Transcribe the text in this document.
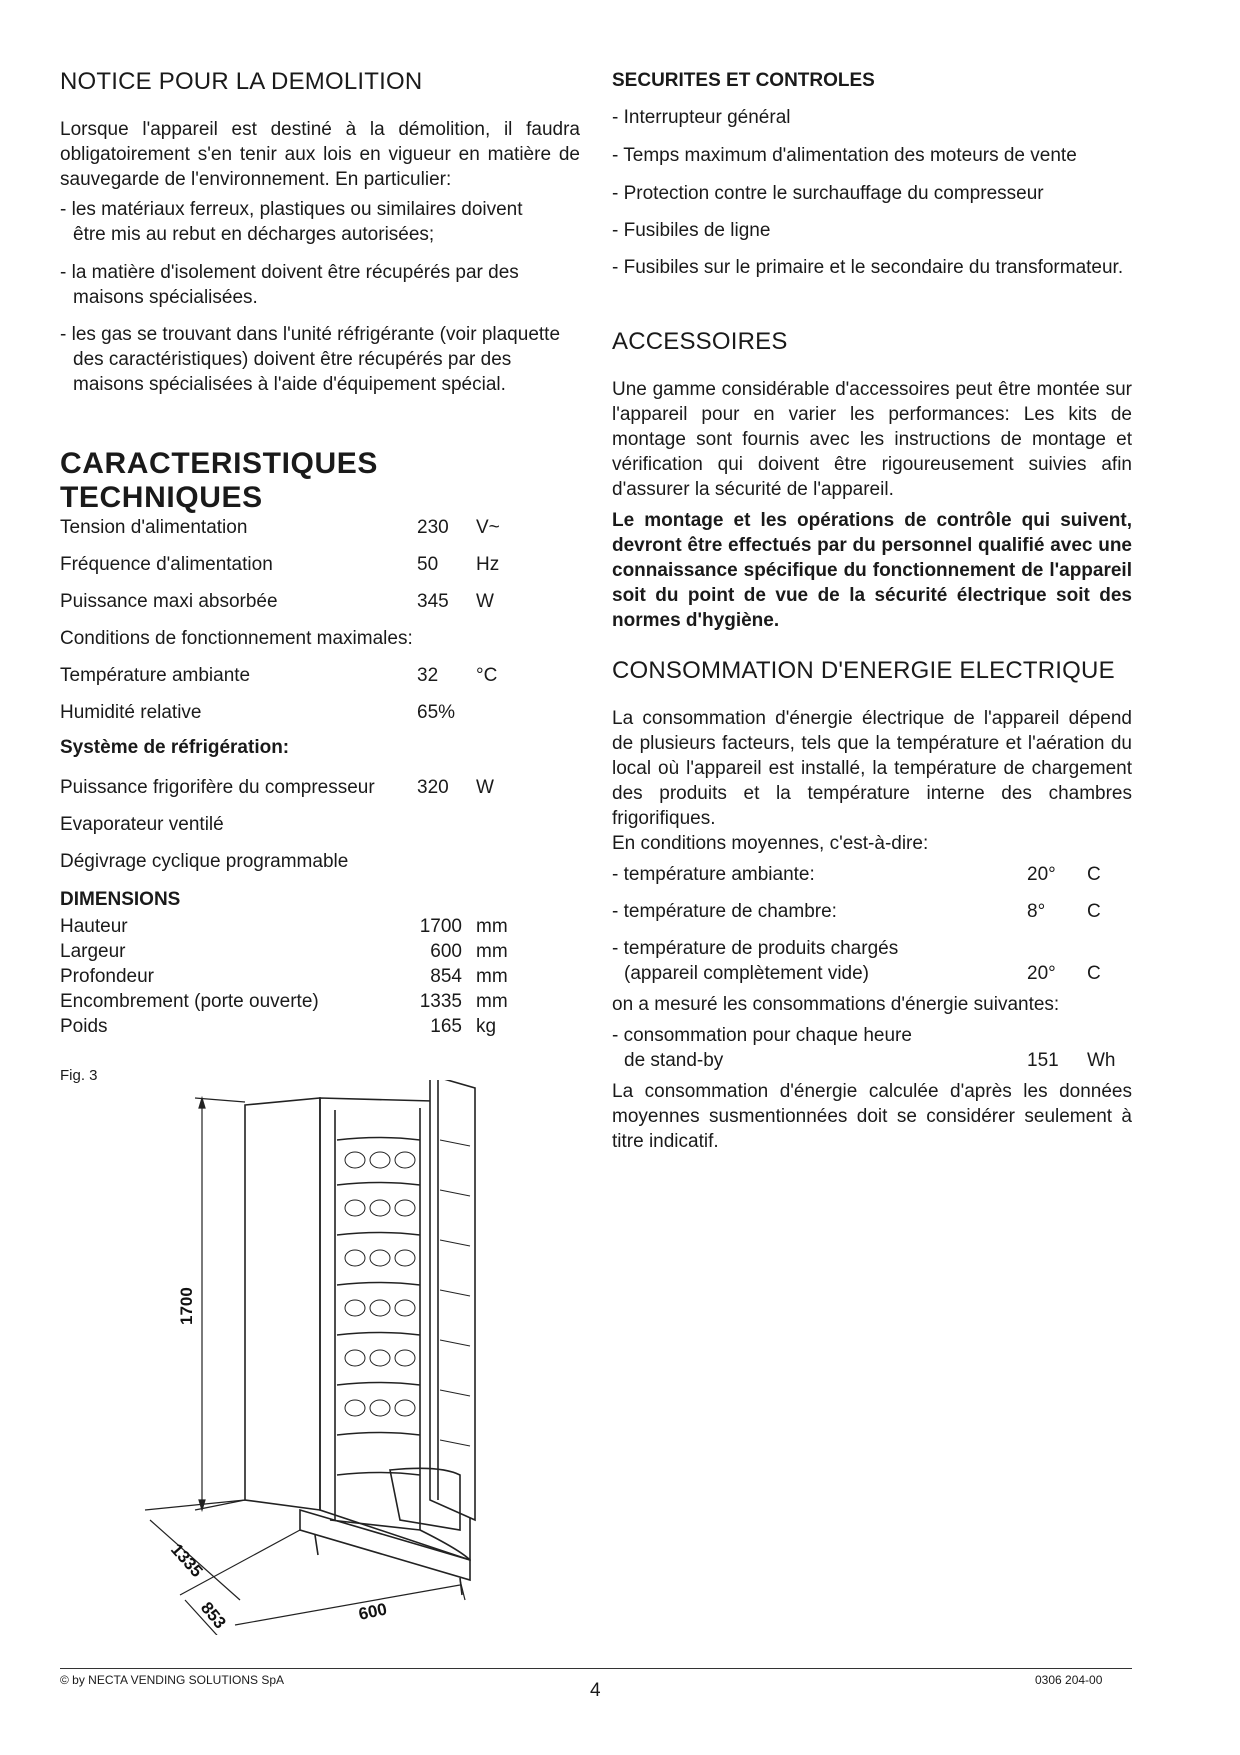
NOTICE POUR LA DEMOLITION
Lorsque l'appareil est destiné à la démolition, il faudra obligatoirement s'en tenir aux lois en vigueur en matière de sauvegarde de l'environnement. En particulier:
- les matériaux ferreux, plastiques ou similaires doivent être mis au rebut en décharges autorisées;
- la matière d'isolement doivent être récupérés par des maisons spécialisées.
- les gas se trouvant dans l'unité réfrigérante (voir plaquette des caractéristiques) doivent être récupérés par des maisons spécialisées à l'aide d'équipement spécial.
CARACTERISTIQUES TECHNIQUES
Tension d'alimentation	230 V~
Fréquence d'alimentation	50 Hz
Puissance maxi absorbée	345 W
Conditions de fonctionnement maximales:
Température ambiante	32 °C
Humidité relative	65%
Système de réfrigération:
Puissance frigorifère du compresseur 320 W
Evaporateur ventilé
Dégivrage cyclique programmable
DIMENSIONS
Hauteur	1700 mm
Largeur	600 mm
Profondeur	854 mm
Encombrement (porte ouverte)	1335 mm
Poids	165 kg
Fig. 3
1700
1335
853	600
SECURITES ET CONTROLES
- Interrupteur général
- Temps maximum d'alimentation des moteurs de vente
- Protection contre le surchauffage du compresseur
- Fusibiles de ligne
- Fusibiles sur le primaire et le secondaire du transformateur.
ACCESSOIRES
Une gamme considérable d'accessoires peut être montée sur l'appareil pour en varier les performances: Les kits de montage sont fournis avec les instructions de montage et vérification qui doivent être rigoureusement suivies afin d'assurer la sécurité de l'appareil.
Le montage et les opérations de contrôle qui suivent, devront être effectués par du personnel qualifié avec une connaissance spécifique du fonctionnement de l'appareil soit du point de vue de la sécurité électrique soit des normes d'hygiène.
CONSOMMATION D'ENERGIE ELECTRIQUE
La consommation d'énergie électrique de l'appareil dépend de plusieurs facteurs, tels que la température et l'aération du local où l'appareil est installé, la température de chargement des produits et la température interne des chambres frigorifiques.
En conditions moyennes, c'est-à-dire:
- température ambiante:	20° C
- température de chambre:	8° C
- température de produits chargés
(appareil complètement vide)	20° C
on a mesuré les consommations d'énergie suivantes:
- consommation pour chaque heure
de stand-by	151 Wh
La consommation d'énergie calculée d'après les données moyennes susmentionnées doit se considérer seulement à titre indicatif.
© by NECTA VENDING SOLUTIONS SpA	4	0306 204-00
